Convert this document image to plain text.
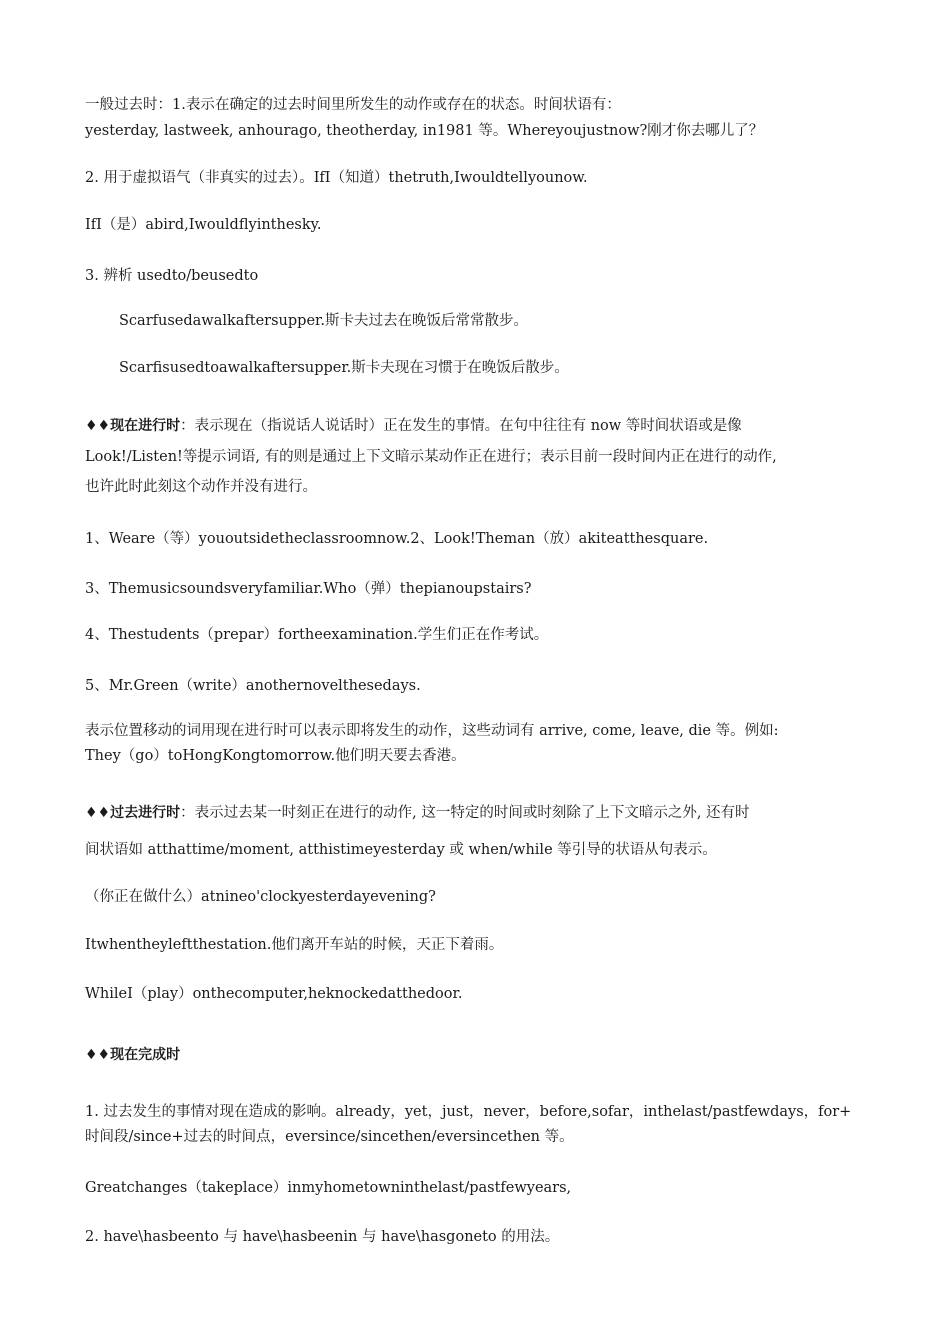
一般过去时：1.表示在确定的过去时间里所发生的动作或存在的状态。时间状语有：
yesterday, lastweek, anhourago, theotherday, in1981 等。Whereyoujustnow?刚才你去哪儿了？
2. 用于虚拟语气（非真实的过去）。IfI（知道）thetruth,Iwouldtellyounow.
IfI（是）abird,Iwouldflyinthesky.
3. 辨析 usedto/beusedto
Scarfusedawalkaftersupper.斯卡夫过去在晚饭后常常散步。
Scarfisusedtoawalkaftersupper.斯卡夫现在习惯于在晚饭后散步。
♦♦现在进行时：表示现在（指说话人说话时）正在发生的事情。在句中往往有 now 等时间状语或是像
Look!/Listen!等提示词语, 有的则是通过上下文暗示某动作正在进行；表示目前一段时间内正在进行的动作,
也许此时此刻这个动作并没有进行。
1、Weare（等）yououtsidetheclassroomnow.2、Look!Theman（放）akiteatthesquare.
3、Themusicsoundsveryfamiliar.Who（弹）thepianoupstairs?
4、Thestudents（prepar）fortheexamination.学生们正在作考试。
5、Mr.Green（write）anothernovelthesedays.
表示位置移动的词用现在进行时可以表示即将发生的动作，这些动词有 arrive, come, leave, die 等。例如:
They（go）toHongKongtomorrow.他们明天要去香港。
♦♦过去进行时：表示过去某一时刻正在进行的动作, 这一特定的时间或时刻除了上下文暗示之外, 还有时
间状语如 atthattime/moment, atthistimeyesterday 或 when/while 等引导的状语从句表示。
（你正在做什么）atnineo'clockyesterdayevening?
Itwhentheyleftthestation.他们离开车站的时候，天正下着雨。
WhileI（play）onthecomputer,heknockedatthedoor.
♦♦现在完成时
1. 过去发生的事情对现在造成的影响。already，yet，just，never，before,sofar，inthelast/pastfewdays，for+
时间段/since+过去的时间点，eversince/sincethen/eversincethen 等。
Greatchanges（takeplace）inmyhometowninthelast/pastfewyears,
2. have\hasbeento 与 have\hasbeenin 与 have\hasgoneto 的用法。
